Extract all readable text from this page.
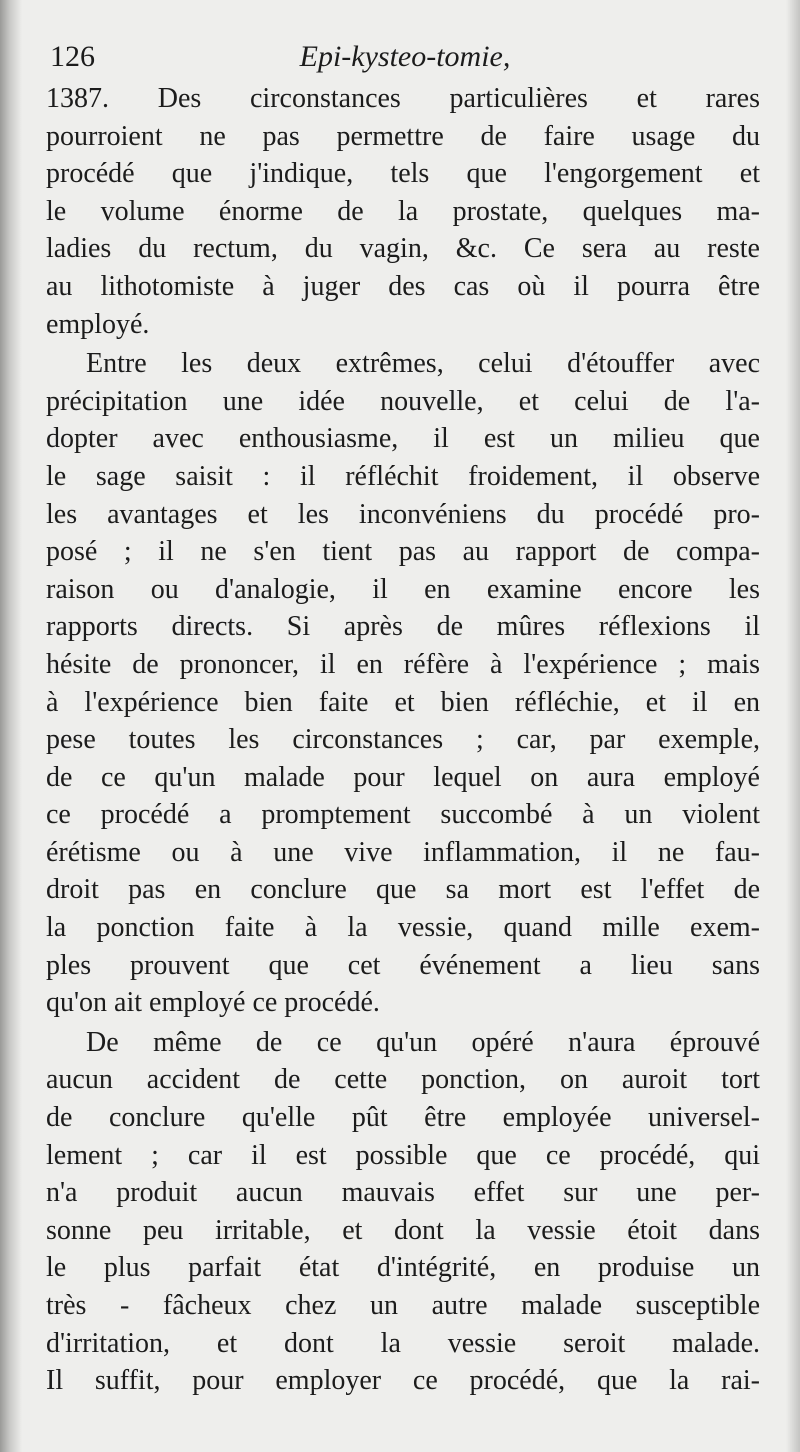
126	Epi-kysteo-tomie,
1387. Des circonstances particulières et rares
pourroient ne pas permettre de faire usage du
procédé que j'indique, tels que l'engorgement et
le volume énorme de la prostate, quelques ma-
ladies du rectum, du vagin, &c. Ce sera au reste
au lithotomiste à juger des cas où il pourra être
employé.
Entre les deux extrêmes, celui d'étouffer avec
précipitation une idée nouvelle, et celui de l'a-
dopter avec enthousiasme, il est un milieu que
le sage saisit : il réfléchit froidement, il observe
les avantages et les inconvéniens du procédé pro-
posé ; il ne s'en tient pas au rapport de compa-
raison ou d'analogie, il en examine encore les
rapports directs. Si après de mûres réflexions il
hésite de prononcer, il en réfère à l'expérience ; mais
à l'expérience bien faite et bien réfléchie, et il en
pese toutes les circonstances ; car, par exemple,
de ce qu'un malade pour lequel on aura employé
ce procédé a promptement succombé à un violent
érétisme ou à une vive inflammation, il ne fau-
droit pas en conclure que sa mort est l'effet de
la ponction faite à la vessie, quand mille exem-
ples prouvent que cet événement a lieu sans
qu'on ait employé ce procédé.
De même de ce qu'un opéré n'aura éprouvé
aucun accident de cette ponction, on auroit tort
de conclure qu'elle pût être employée universel-
lement ; car il est possible que ce procédé, qui
n'a produit aucun mauvais effet sur une per-
sonne peu irritable, et dont la vessie étoit dans
le plus parfait état d'intégrité, en produise un
très - fâcheux chez un autre malade susceptible
d'irritation, et dont la vessie seroit malade.
Il suffit, pour employer ce procédé, que la rai-
